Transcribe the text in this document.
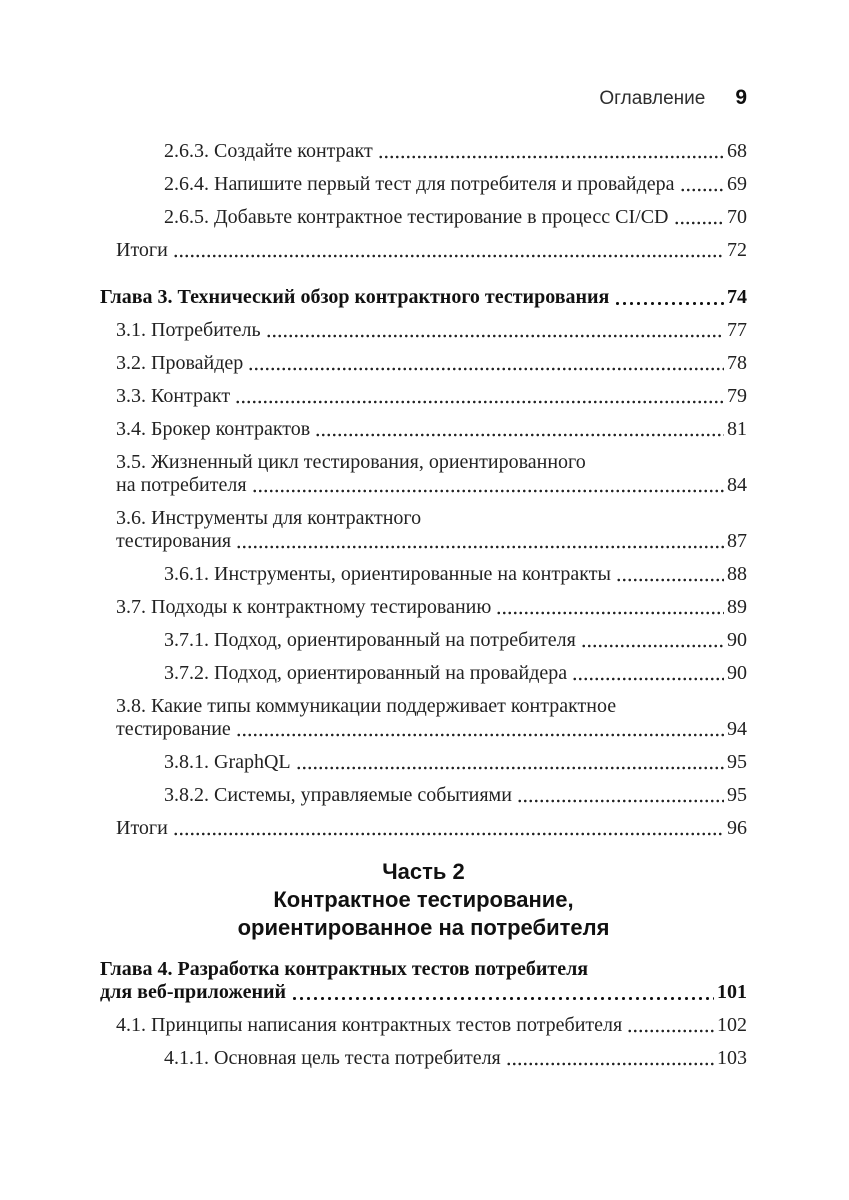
Оглавление 9
2.6.3. Создайте контракт	68
2.6.4. Напишите первый тест для потребителя и провайдера	69
2.6.5. Добавьте контрактное тестирование в процесс CI/CD	70
Итоги	72
Глава 3. Технический обзор контрактного тестирования	74
3.1. Потребитель	77
3.2. Провайдер	78
3.3. Контракт	79
3.4. Брокер контрактов	81
3.5. Жизненный цикл тестирования, ориентированного
на потребителя	84
3.6. Инструменты для контрактного
тестирования	87
3.6.1. Инструменты, ориентированные на контракты	88
3.7. Подходы к контрактному тестированию	89
3.7.1. Подход, ориентированный на потребителя	90
3.7.2. Подход, ориентированный на провайдера	90
3.8. Какие типы коммуникации поддерживает контрактное
тестирование	94
3.8.1. GraphQL	95
3.8.2. Системы, управляемые событиями	95
Итоги	96
Часть 2
Контрактное тестирование,
ориентированное на потребителя
Глава 4. Разработка контрактных тестов потребителя
для веб-приложений	101
4.1. Принципы написания контрактных тестов потребителя	102
4.1.1. Основная цель теста потребителя	103
